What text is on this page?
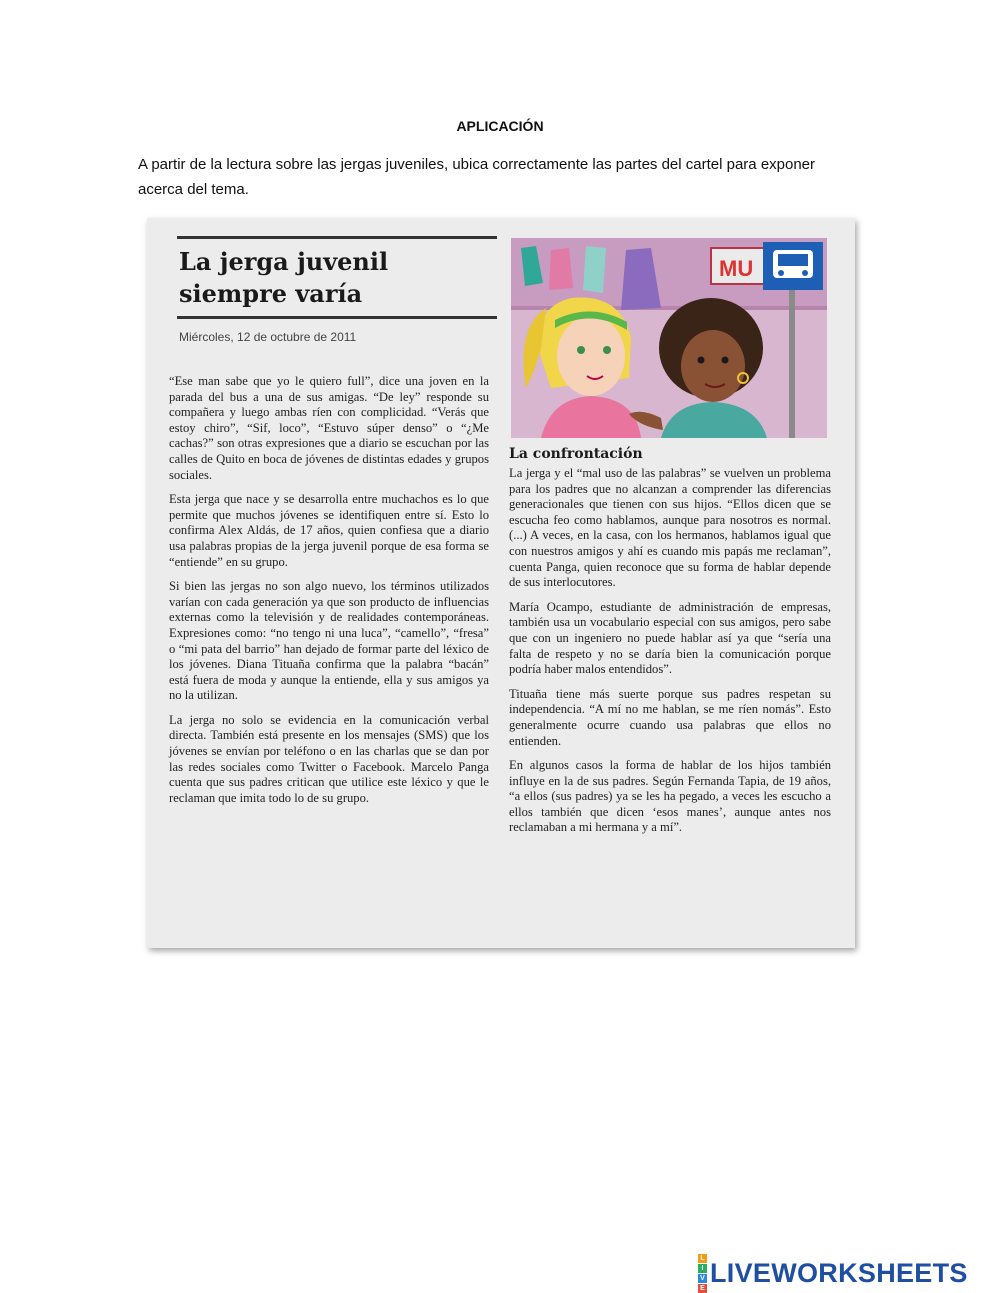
APLICACIÓN
A partir de la lectura sobre las jergas juveniles, ubica correctamente las partes del cartel para exponer acerca del tema.
La jerga juvenil
siempre varía
Miércoles, 12 de octubre de 2011

“Ese man sabe que yo le quiero full”, dice una joven en la parada del bus a una de sus amigas. “De ley” responde su compañera y luego ambas ríen con complicidad. “Verás que estoy chiro”, “Sif, loco”, “Estuvo súper denso” o “¿Me cachas?” son otras expresiones que a diario se escuchan por las calles de Quito en boca de jóvenes de distintas edades y grupos sociales.

Esta jerga que nace y se desarrolla entre muchachos es lo que permite que muchos jóvenes se identifiquen entre sí. Esto lo confirma Alex Aldás, de 17 años, quien confiesa que a diario usa palabras propias de la jerga juvenil porque de esa forma se “entiende” en su grupo.

Si bien las jergas no son algo nuevo, los términos utilizados varían con cada generación ya que son producto de influencias externas como la televisión y de realidades contemporáneas. Expresiones como: “no tengo ni una luca”, “camello”, “fresa” o “mi pata del barrio” han dejado de formar parte del léxico de los jóvenes. Diana Tituaña confirma que la palabra “bacán” está fuera de moda y aunque la entiende, ella y sus amigos ya no la utilizan.

La jerga no solo se evidencia en la comunicación verbal directa. También está presente en los mensajes (SMS) que los jóvenes se envían por teléfono o en las charlas que se dan por las redes sociales como Twitter o Facebook. Marcelo Panga cuenta que sus padres critican que utilice este léxico y que le reclaman que imita todo lo de su grupo.

MU
La confrontación

La jerga y el “mal uso de las palabras” se vuelven un problema para los padres que no alcanzan a comprender las diferencias generacionales que tienen con sus hijos. “Ellos dicen que se escucha feo como hablamos, aunque para nosotros es normal. (...) A veces, en la casa, con los hermanos, hablamos igual que con nuestros amigos y ahí es cuando mis papás me reclaman”, cuenta Panga, quien reconoce que su forma de hablar depende de sus interlocutores.

María Ocampo, estudiante de administración de empresas, también usa un vocabulario especial con sus amigos, pero sabe que con un ingeniero no puede hablar así ya que “sería una falta de respeto y no se daría bien la comunicación porque podría haber malos entendidos”.

Tituaña tiene más suerte porque sus padres respetan su independencia. “A mí no me hablan, se me ríen nomás”. Esto generalmente ocurre cuando usa palabras que ellos no entienden.

En algunos casos la forma de hablar de los hijos también influye en la de sus padres. Según Fernanda Tapia, de 19 años, “a ellos (sus padres) ya se les ha pegado, a veces les escucho a ellos también que dicen ‘esos manes’, aunque antes nos reclamaban a mi hermana y a mí”.

L
I
V
E
LIVEWORKSHEETS
